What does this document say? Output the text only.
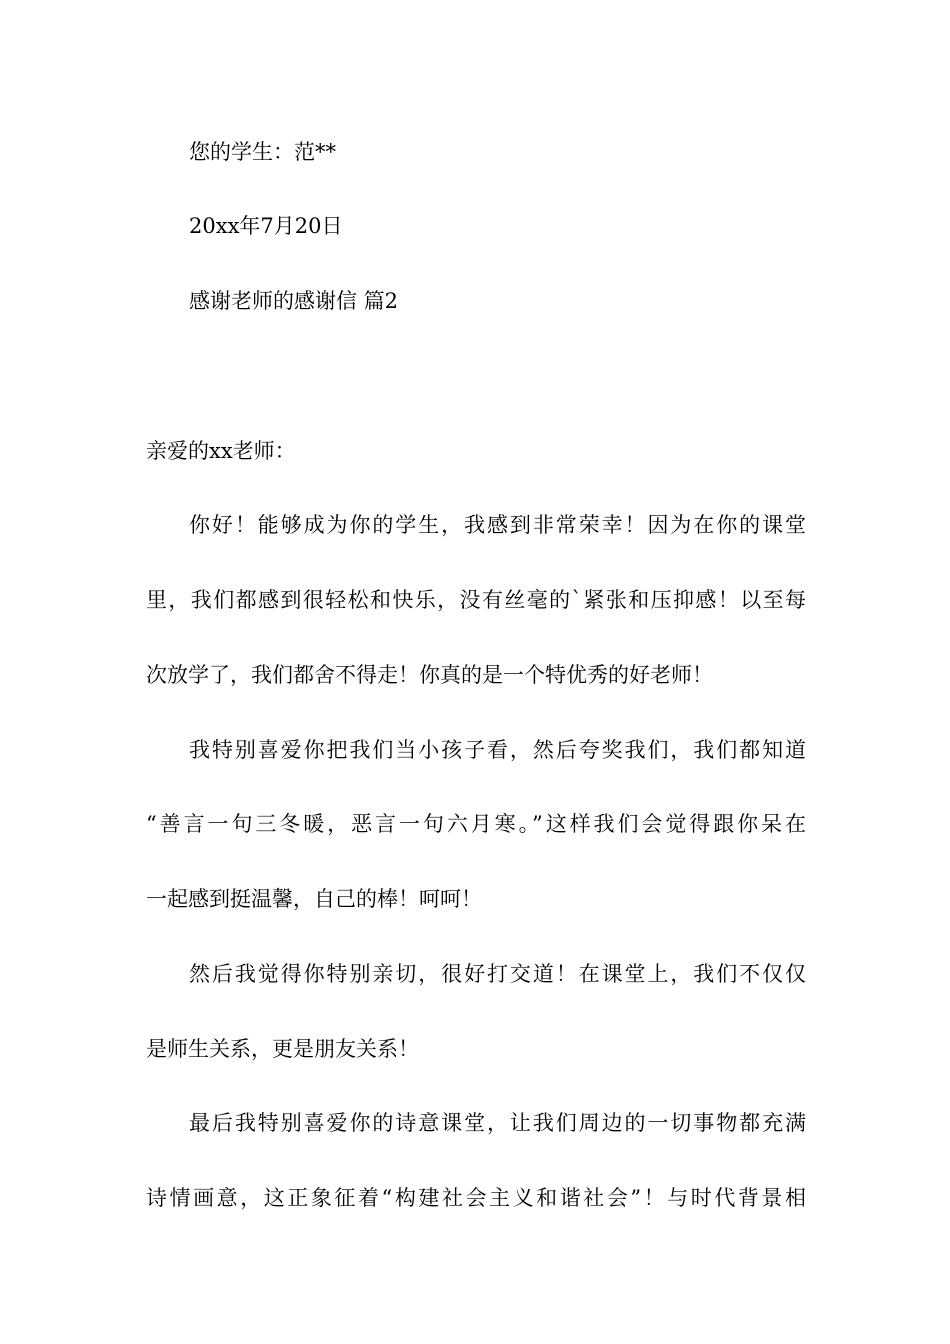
您的学生：范**
20xx年7月20日
感谢老师的感谢信 篇2
亲爱的xx老师：
你好！能够成为你的学生，我感到非常荣幸！因为在你的课堂
里，我们都感到很轻松和快乐，没有丝毫的`紧张和压抑感！以至每
次放学了，我们都舍不得走！你真的是一个特优秀的好老师！
我特别喜爱你把我们当小孩子看，然后夸奖我们，我们都知道
“善言一句三冬暖，恶言一句六月寒。”这样我们会觉得跟你呆在
一起感到挺温馨，自己的棒！呵呵！
然后我觉得你特别亲切，很好打交道！在课堂上，我们不仅仅
是师生关系，更是朋友关系！
最后我特别喜爱你的诗意课堂，让我们周边的一切事物都充满
诗情画意，这正象征着“构建社会主义和谐社会”！与时代背景相
